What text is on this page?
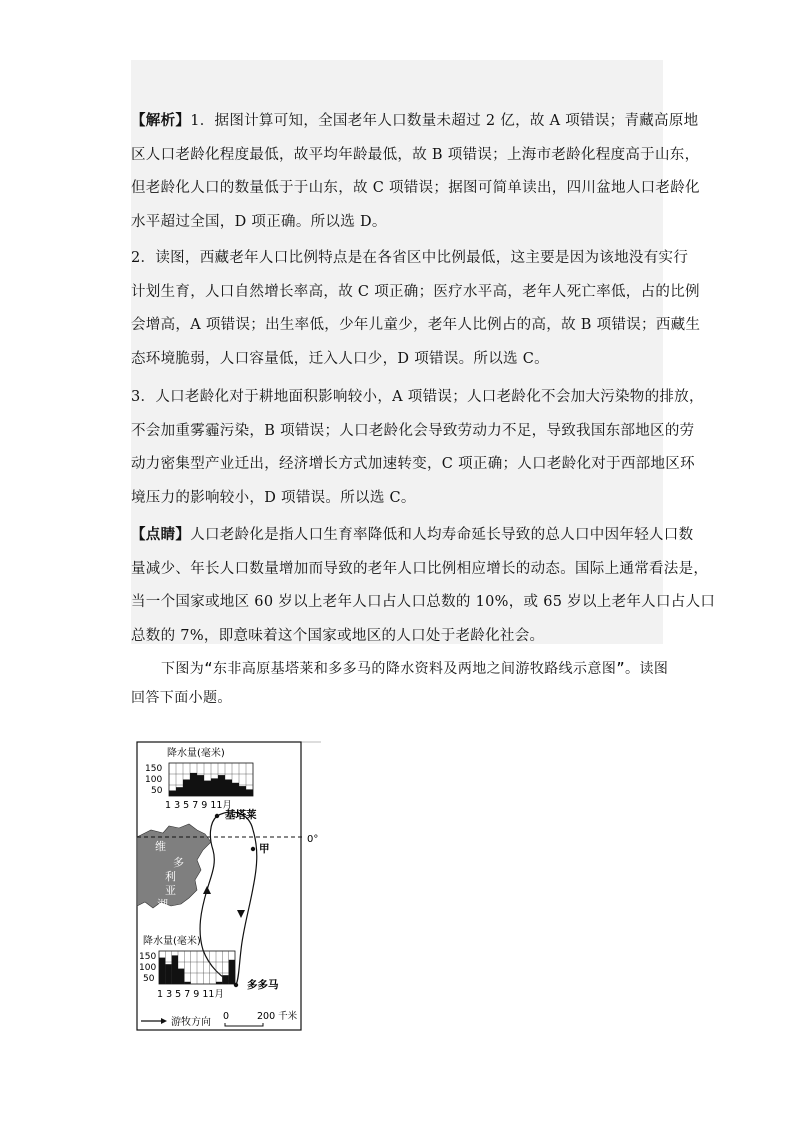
【解析】1．据图计算可知，全国老年人口数量未超过 2 亿，故 A 项错误；青藏高原地
区人口老龄化程度最低，故平均年龄最低，故 B 项错误；上海市老龄化程度高于山东，
但老龄化人口的数量低于于山东，故 C 项错误；据图可简单读出，四川盆地人口老龄化
水平超过全国，D 项正确。所以选 D。
2．读图，西藏老年人口比例特点是在各省区中比例最低，这主要是因为该地没有实行
计划生育，人口自然增长率高，故 C 项正确；医疗水平高，老年人死亡率低，占的比例
会增高，A 项错误；出生率低，少年儿童少，老年人比例占的高，故 B 项错误；西藏生
态环境脆弱，人口容量低，迁入人口少，D 项错误。所以选 C。
3．人口老龄化对于耕地面积影响较小，A 项错误；人口老龄化不会加大污染物的排放，
不会加重雾霾污染，B 项错误；人口老龄化会导致劳动力不足，导致我国东部地区的劳
动力密集型产业迁出，经济增长方式加速转变，C 项正确；人口老龄化对于西部地区环
境压力的影响较小，D 项错误。所以选 C。
【点睛】人口老龄化是指人口生育率降低和人均寿命延长导致的总人口中因年轻人口数
量减少、年长人口数量增加而导致的老年人口比例相应增长的动态。国际上通常看法是，
当一个国家或地区 60 岁以上老年人口占人口总数的 10%，或 65 岁以上老年人口占人口
总数的 7%，即意味着这个国家或地区的人口处于老龄化社会。
下图为“东非高原基塔莱和多多马的降水资料及两地之间游牧路线示意图”。读图
回答下面小题。
维
多
利
亚
湖
0°
降水量(毫米)
150
100
50
1 3 5 7 9 11月
基塔莱
甲
多多马
降水量(毫米)
150
100
50
1 3 5 7 9 11月
游牧方向
0	200 千米
